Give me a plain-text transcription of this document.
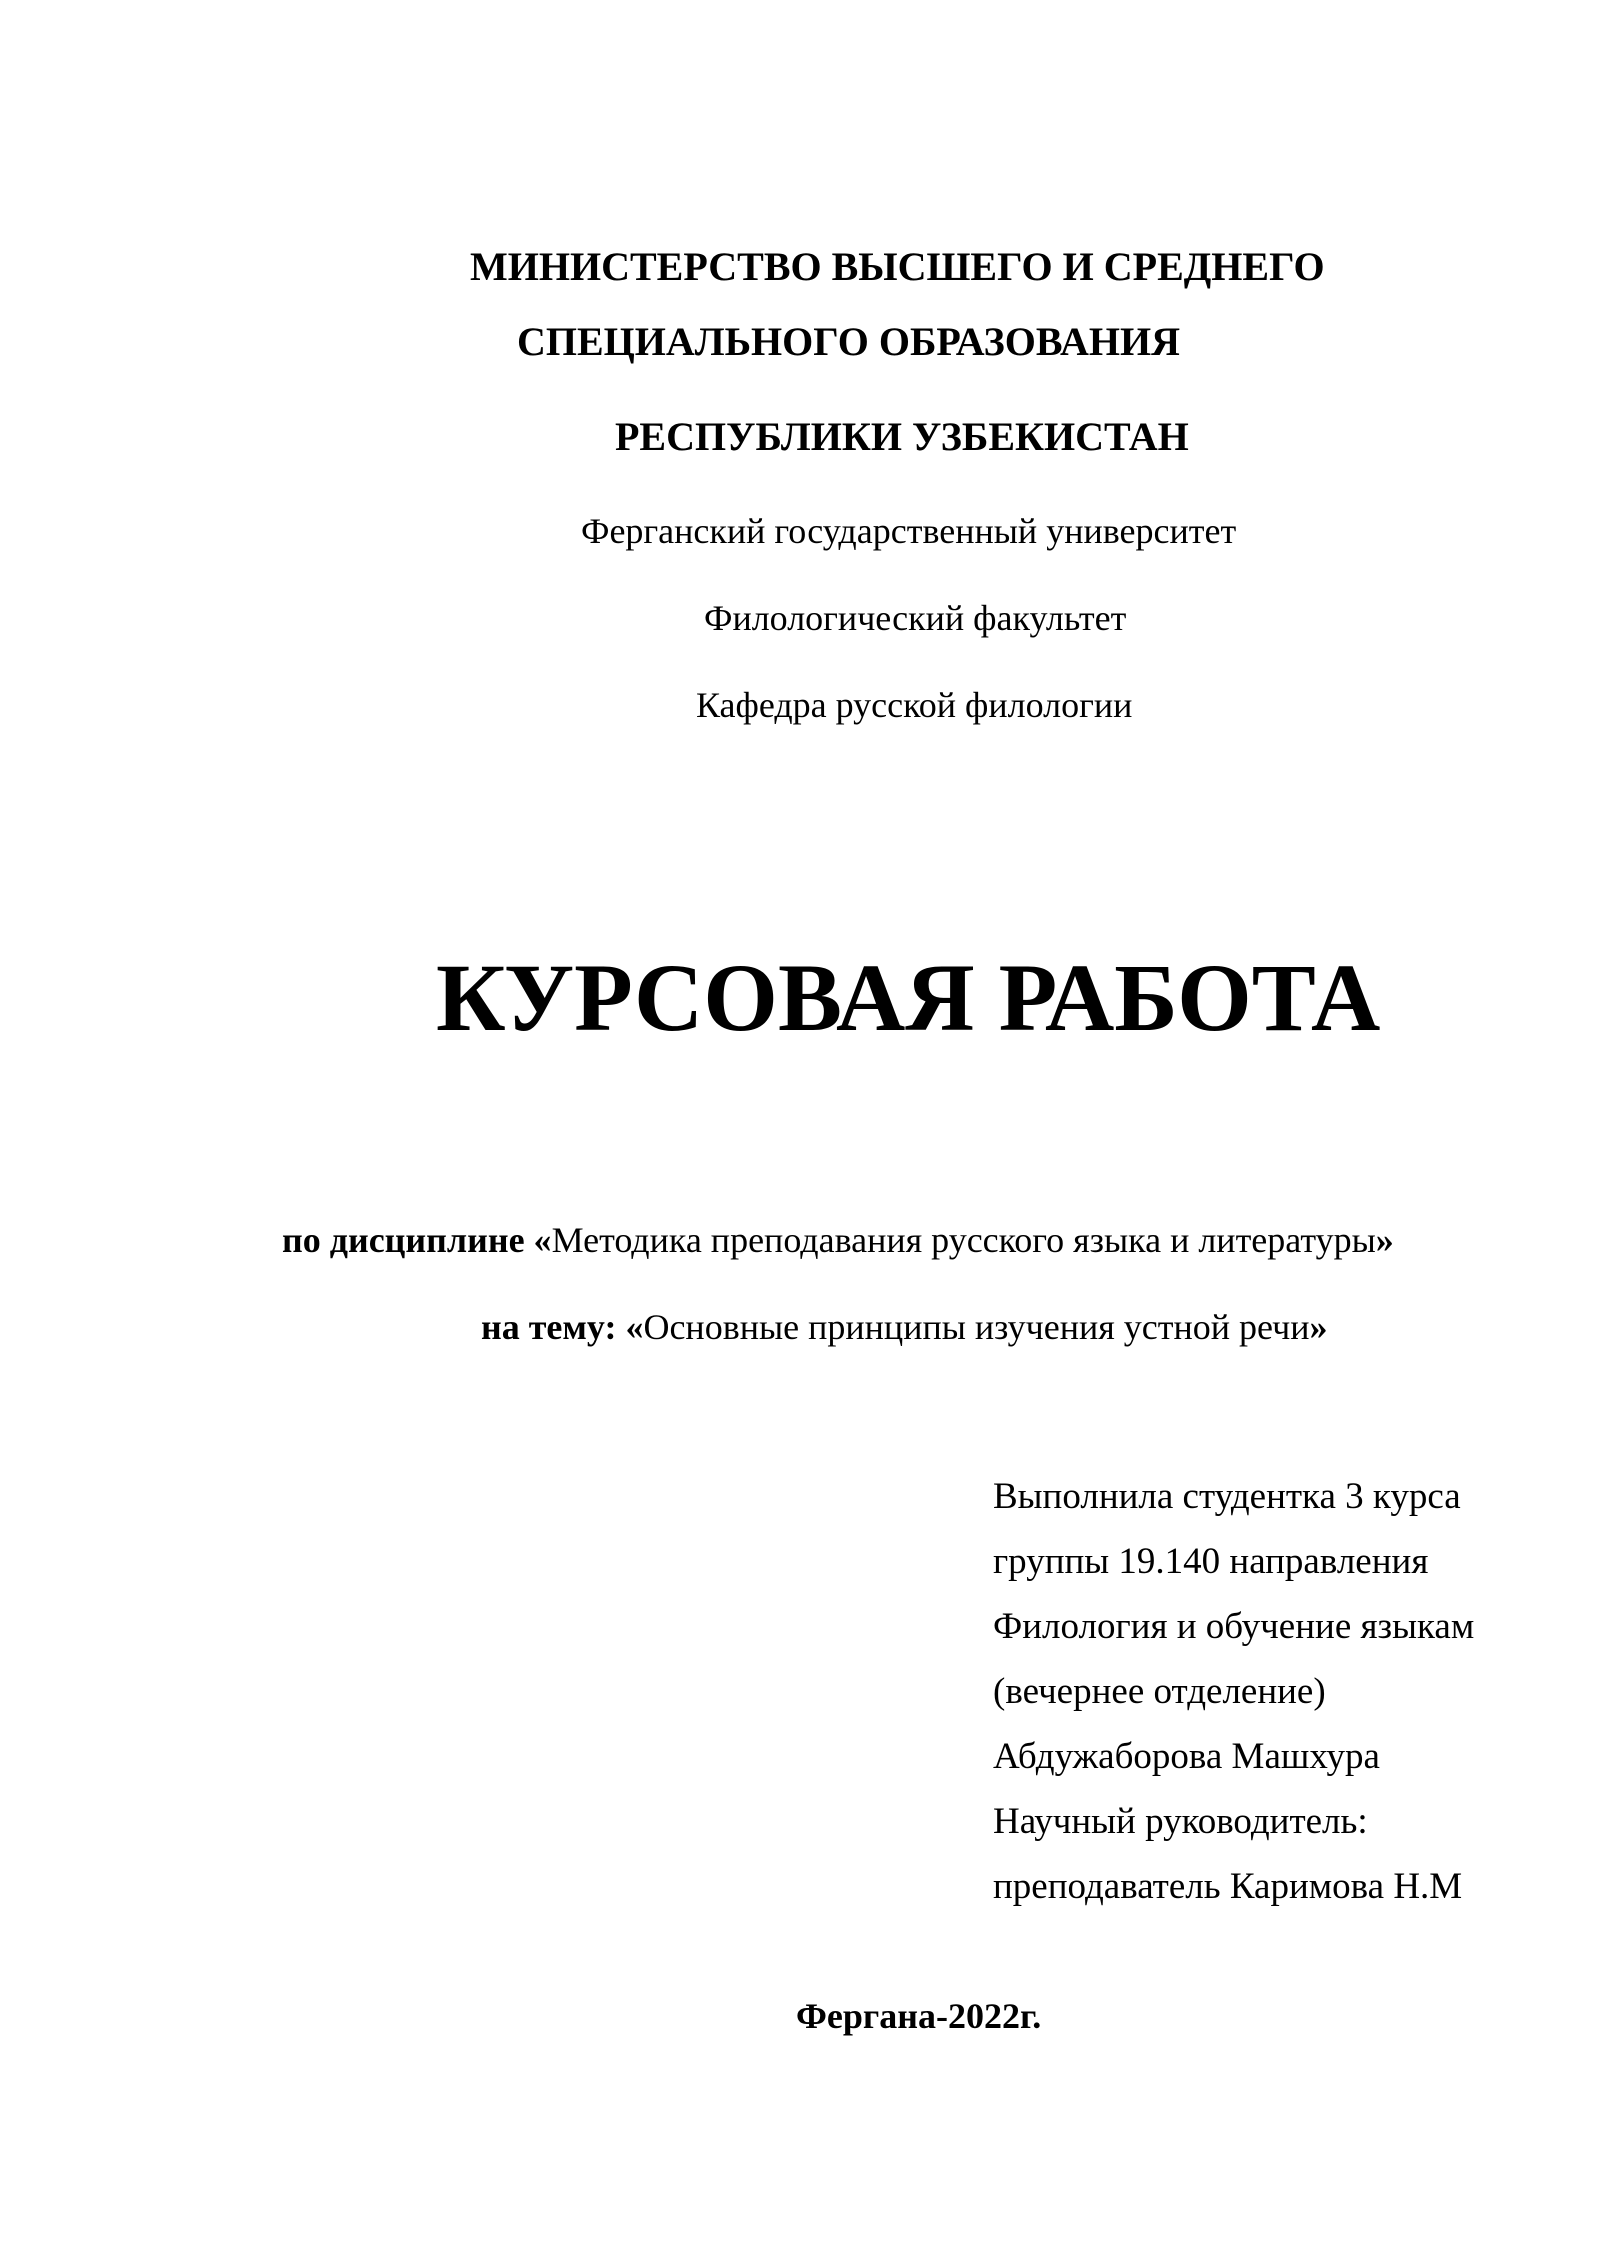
МИНИСТЕРСТВО ВЫСШЕГО И СРЕДНЕГО
СПЕЦИАЛЬНОГО ОБРАЗОВАНИЯ
РЕСПУБЛИКИ УЗБЕКИСТАН
Ферганский государственный университет
Филологический факультет
Кафедра русской филологии
КУРСОВАЯ РАБОТА
по дисциплине «Методика преподавания русского языка и литературы»
на тему: «Основные принципы изучения устной речи»
Выполнила студентка 3 курса
группы 19.140 направления
Филология и обучение языкам
(вечернее отделение)
Абдужаборова Машхура
Научный руководитель:
преподаватель Каримова Н.М
Фергана-2022г.
